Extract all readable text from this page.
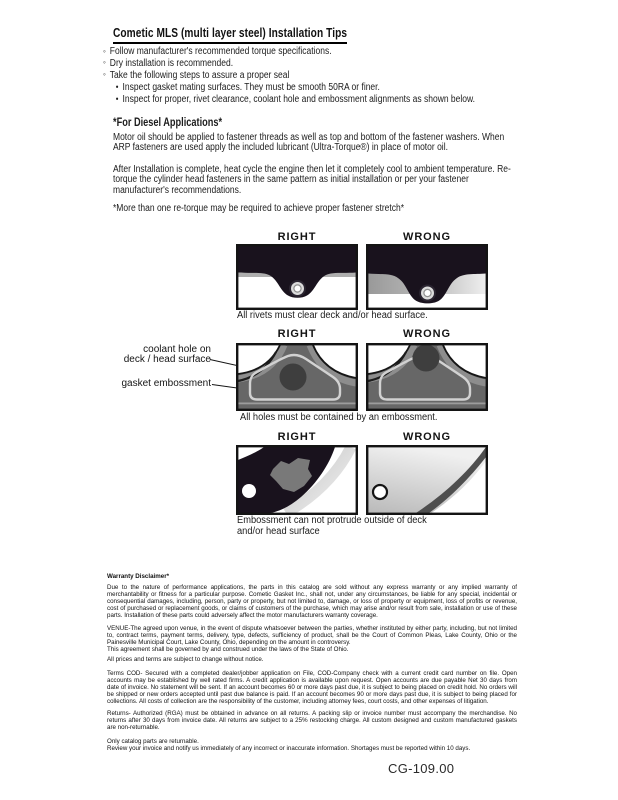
Cometic MLS (multi layer steel) Installation Tips
◦
Follow manufacturer's recommended torque specifications.
◦
Dry installation is recommended.
◦
Take the following steps to assure a proper seal
•
Inspect gasket mating surfaces. They must be smooth 50RA or finer.
•
Inspect for proper, rivet clearance, coolant hole and embossment alignments as shown below.
*For Diesel Applications*
Motor oil should be applied to fastener threads as well as top and bottom of the fastener washers. When ARP fasteners are used apply the included lubricant (Ultra-Torque®) in place of motor oil.
After Installation is complete, heat cycle the engine then let it completely cool to ambient temperature. Re-torque the cylinder head fasteners in the same pattern as initial installation or per your fastener manufacturer's recommendations.
*More than one re-torque may be required to achieve proper fastener stretch*
RIGHT	WRONG
All rivets must clear deck and/or head surface.
RIGHT	WRONG
coolant hole on
deck / head surface
gasket embossment
All holes must be contained by an embossment.
RIGHT	WRONG
Embossment can not protrude outside of deck and/or head surface

Warranty Disclaimer*

Due to the nature of performance applications, the parts in this catalog are sold without any express warranty or any implied warranty of merchantability or fitness for a particular purpose. Cometic Gasket Inc., shall not, under any circumstances, be liable for any special, incidental or consequential damages, including, person, party or property, but not limited to, damage, or loss of property or equipment, loss of profits or revenue, cost of purchased or replacement goods, or claims of customers of the purchase, which may arise and/or result from sale, installation or use of these parts. Installation of these parts could adversely affect the motor manufacturers warranty coverage.

VENUE-The agreed upon venue, in the event of dispute whatsoever between the parties, whether instituted by either party, including, but not limited to, contract terms, payment terms, delivery, type, defects, sufficiency of product, shall be the Court of Common Pleas, Lake County, Ohio or the Painesville Municipal Court, Lake County, Ohio, depending on the amount in controversy.

This agreement shall be governed by and construed under the laws of the State of Ohio.

All prices and terms are subject to change without notice.

Terms COD- Secured with a completed dealer/jobber application on File, COD-Company check with a current credit card number on file. Open accounts may be established by well rated firms. A credit application is available upon request. Open accounts are due payable Net 30 days from date of invoice. No statement will be sent. If an account becomes 60 or more days past due, it is subject to being placed on credit hold. No orders will be shipped or new orders accepted until past due balance is paid. If an account becomes 90 or more days past due, it is subject to being placed for collections. All costs of collection are the responsibility of the customer, including attorney fees, court costs, and other expenses of litigation.

Returns- Authorized (RGA) must be obtained in advance on all returns. A packing slip or invoice number must accompany the merchandise. No returns after 30 days from invoice date. All returns are subject to a 25% restocking charge. All custom designed and custom manufactured gaskets are non-returnable.

Only catalog parts are returnable.

Review your invoice and notify us immediately of any incorrect or inaccurate information. Shortages must be reported within 10 days.

CG-109.00
